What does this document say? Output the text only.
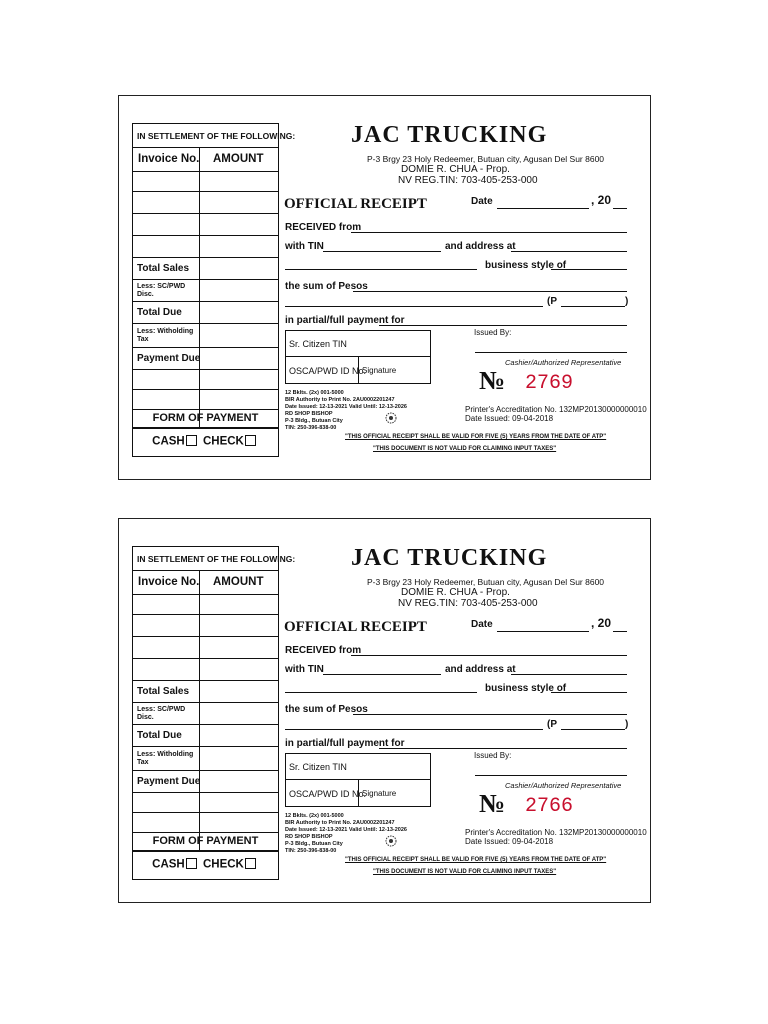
IN SETTLEMENT OF THE FOLLOWING:
Invoice No. AMOUNT
Total Sales
Less: SC/PWD Disc.
Total Due
Less: Witholding Tax
Payment Due
FORM OF PAYMENT
CASH CHECK
JAC TRUCKING
P-3 Brgy 23 Holy Redeemer, Butuan city, Agusan Del Sur 8600
DOMIE R. CHUA - Prop.
NV REG.TIN: 703-405-253-000
OFFICIAL RECEIPT	Date	, 20
RECEIVED from
with TIN	and address at
business style of
the sum of Pesos
(P	)
in partial/full payment for
Sr. Citizen TIN
OSCA/PWD ID No.
Signature
Issued By:
Cashier/Authorized Representative
№ 2769
12 Bklts. (2x) 001-5000
BIR Authority to Print No. 2AU0002201247
Date Issued: 12-13-2021 Valid Until: 12-13-2026
RD SHOP BISHOP
P-3 Bldg., Butuan City
TIN: 250-396-838-00
Printer's Accreditation No. 132MP20130000000010
Date Issued: 09-04-2018
"THIS OFFICIAL RECEIPT SHALL BE VALID FOR FIVE (5) YEARS FROM THE DATE OF ATP"
"THIS DOCUMENT IS NOT VALID FOR CLAIMING INPUT TAXES"
IN SETTLEMENT OF THE FOLLOWING:
Invoice No. AMOUNT
Total Sales
Less: SC/PWD Disc.
Total Due
Less: Witholding Tax
Payment Due
FORM OF PAYMENT
CASH CHECK
JAC TRUCKING
P-3 Brgy 23 Holy Redeemer, Butuan city, Agusan Del Sur 8600
DOMIE R. CHUA - Prop.
NV REG.TIN: 703-405-253-000
OFFICIAL RECEIPT	Date	, 20
RECEIVED from
with TIN	and address at
business style of
the sum of Pesos
(P	)
in partial/full payment for
Sr. Citizen TIN
OSCA/PWD ID No.
Signature
Issued By:
Cashier/Authorized Representative
№ 2766
12 Bklts. (2x) 001-5000
BIR Authority to Print No. 2AU0002201247
Date Issued: 12-13-2021 Valid Until: 12-13-2026
RD SHOP BISHOP
P-3 Bldg., Butuan City
TIN: 250-396-838-00
Printer's Accreditation No. 132MP20130000000010
Date Issued: 09-04-2018
"THIS OFFICIAL RECEIPT SHALL BE VALID FOR FIVE (5) YEARS FROM THE DATE OF ATP"
"THIS DOCUMENT IS NOT VALID FOR CLAIMING INPUT TAXES"
